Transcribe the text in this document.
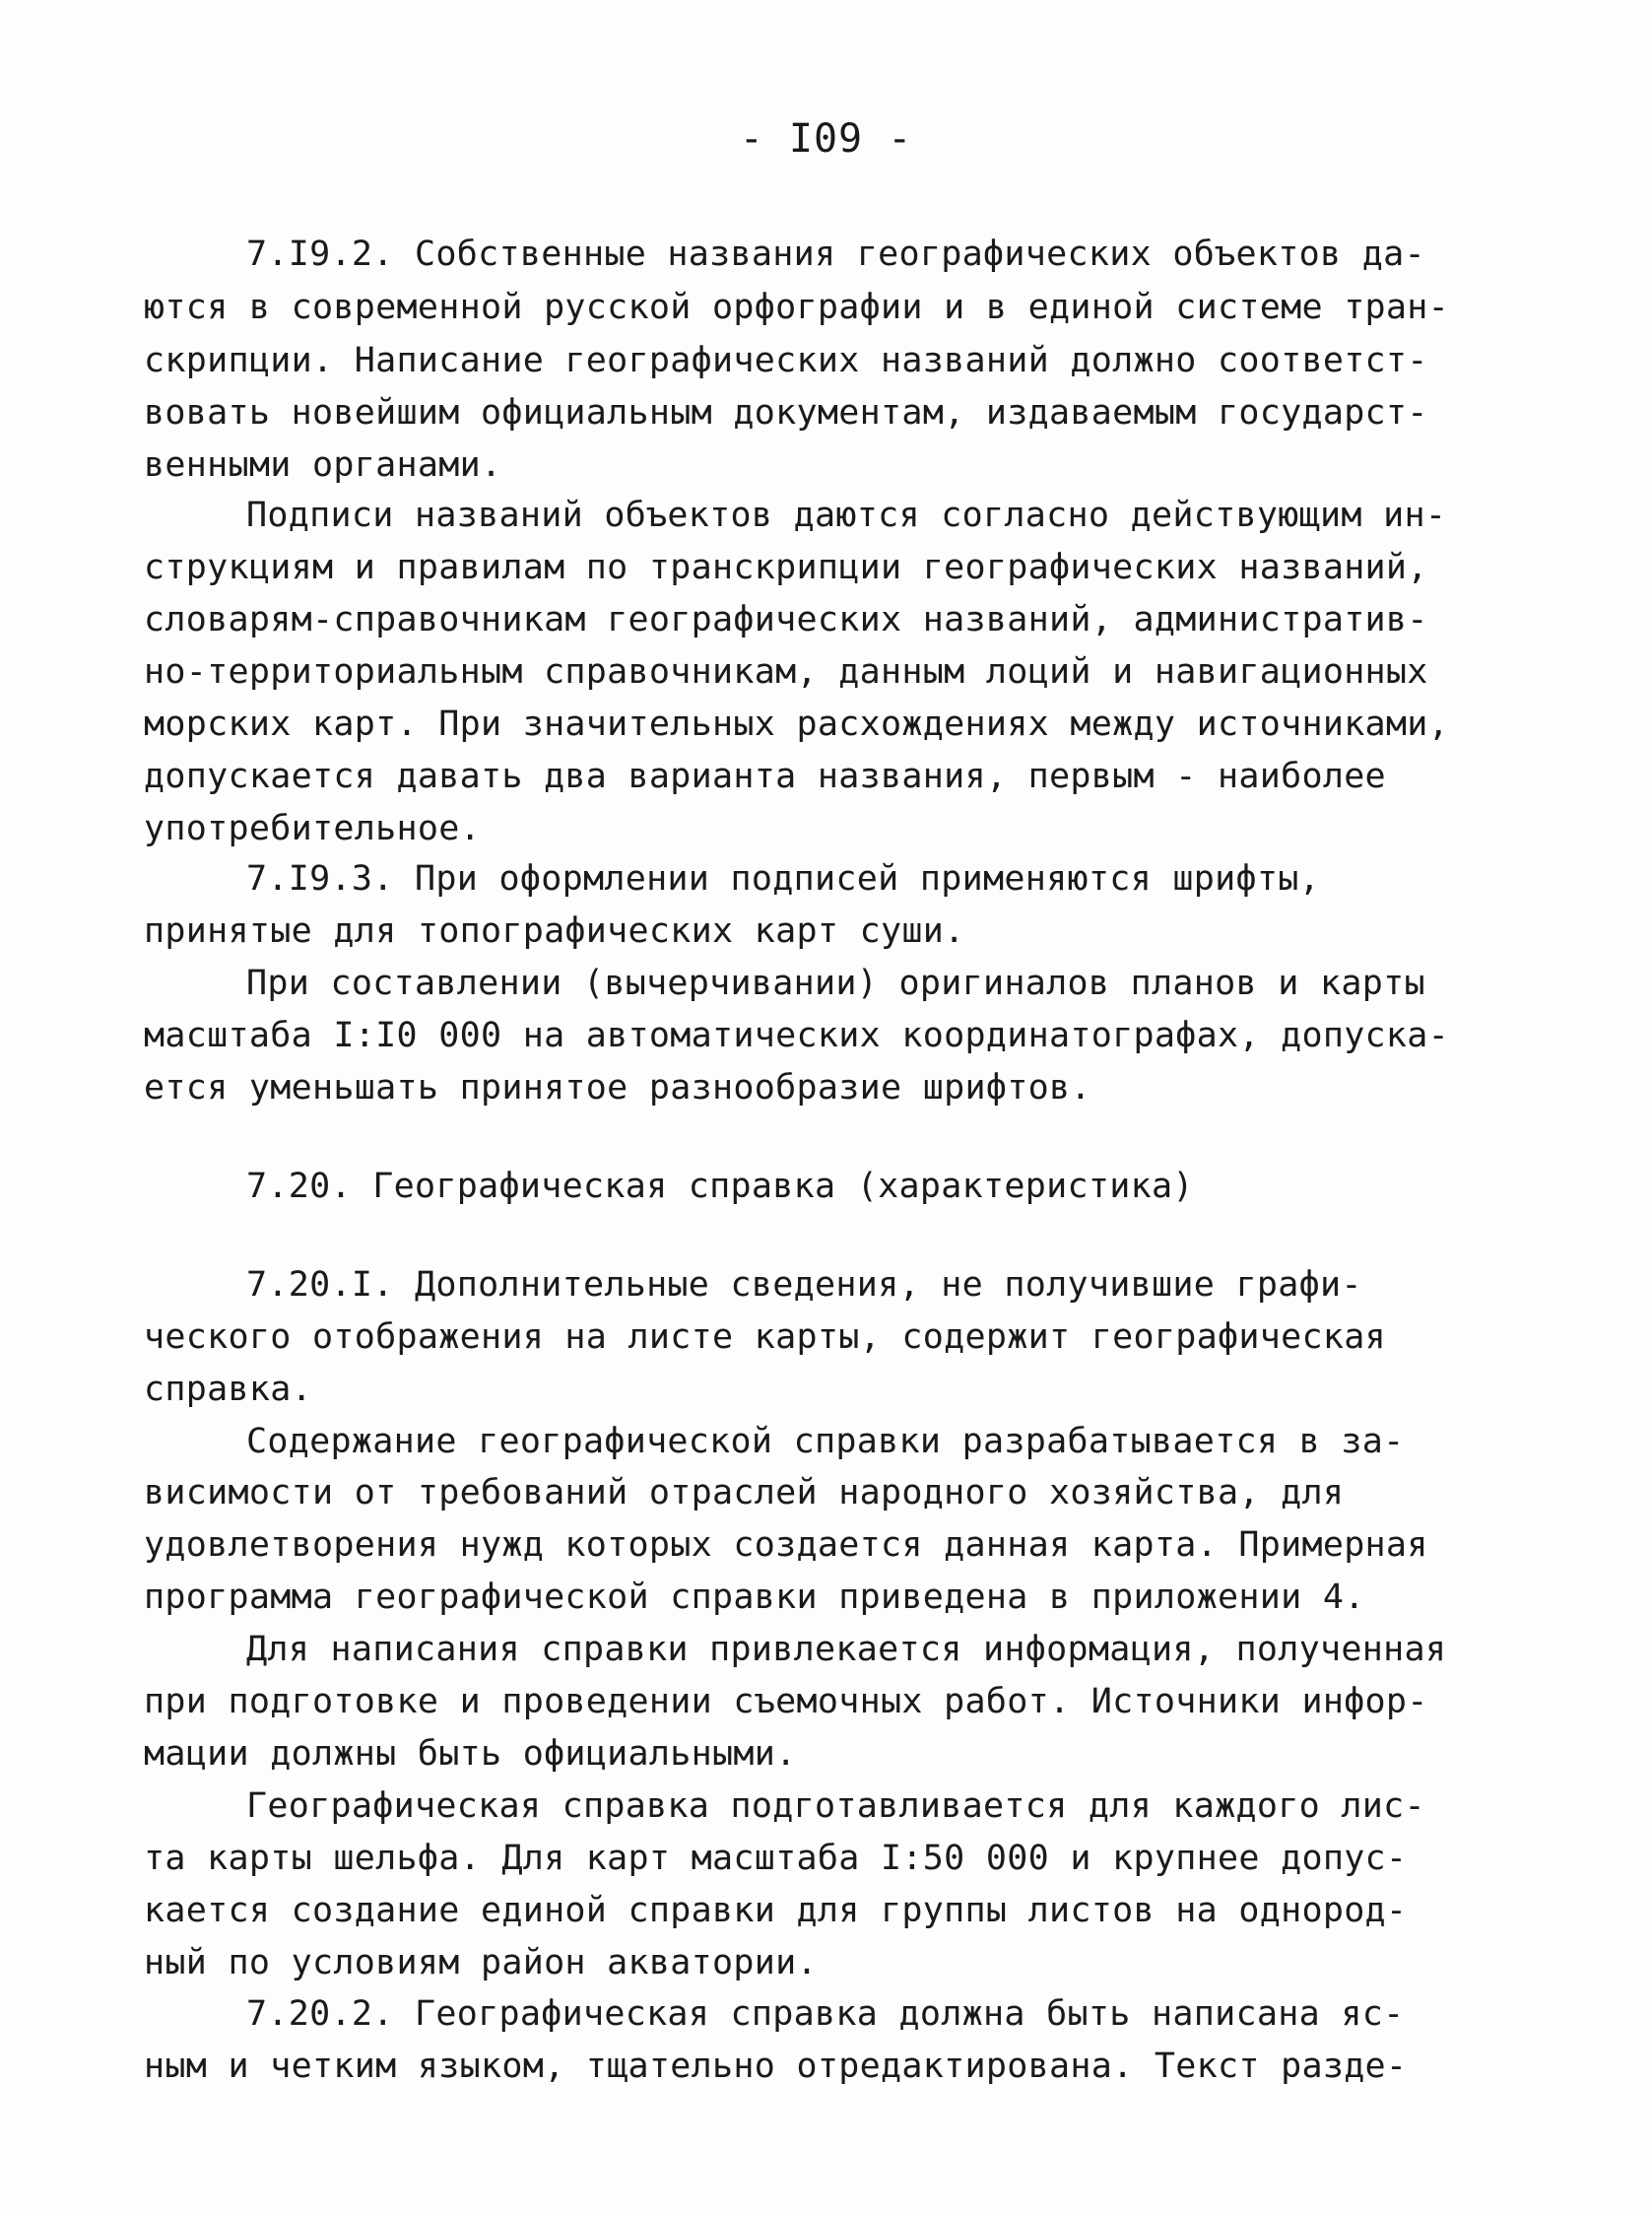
- I09 -
7.I9.2. Собственные названия географических объектов да-
ются в современной русской орфографии и в единой системе тран-
скрипции. Написание географических названий должно соответст-
вовать новейшим официальным документам, издаваемым государст-
венными органами.
Подписи названий объектов даются согласно действующим ин-
струкциям и правилам по транскрипции географических названий,
словарям-справочникам географических названий, административ-
но-территориальным справочникам, данным лоций и навигационных
морских карт. При значительных расхождениях между источниками,
допускается давать два варианта названия, первым - наиболее
употребительное.
7.I9.3. При оформлении подписей применяются шрифты,
принятые для топографических карт суши.
При составлении (вычерчивании) оригиналов планов и карты
масштаба I:I0 000 на автоматических координатографах, допуска-
ется уменьшать принятое разнообразие шрифтов.
7.20. Географическая справка (характеристика)
7.20.I. Дополнительные сведения, не получившие графи-
ческого отображения на листе карты, содержит географическая
справка.
Содержание географической справки разрабатывается в за-
висимости от требований отраслей народного хозяйства, для
удовлетворения нужд которых создается данная карта. Примерная
программа географической справки приведена в приложении 4.
Для написания справки привлекается информация, полученная
при подготовке и проведении съемочных работ. Источники инфор-
мации должны быть официальными.
Географическая справка подготавливается для каждого лис-
та карты шельфа. Для карт масштаба I:50 000 и крупнее допус-
кается создание единой справки для группы листов на однород-
ный по условиям район акватории.
7.20.2. Географическая справка должна быть написана яс-
ным и четким языком, тщательно отредактирована. Текст разде-
